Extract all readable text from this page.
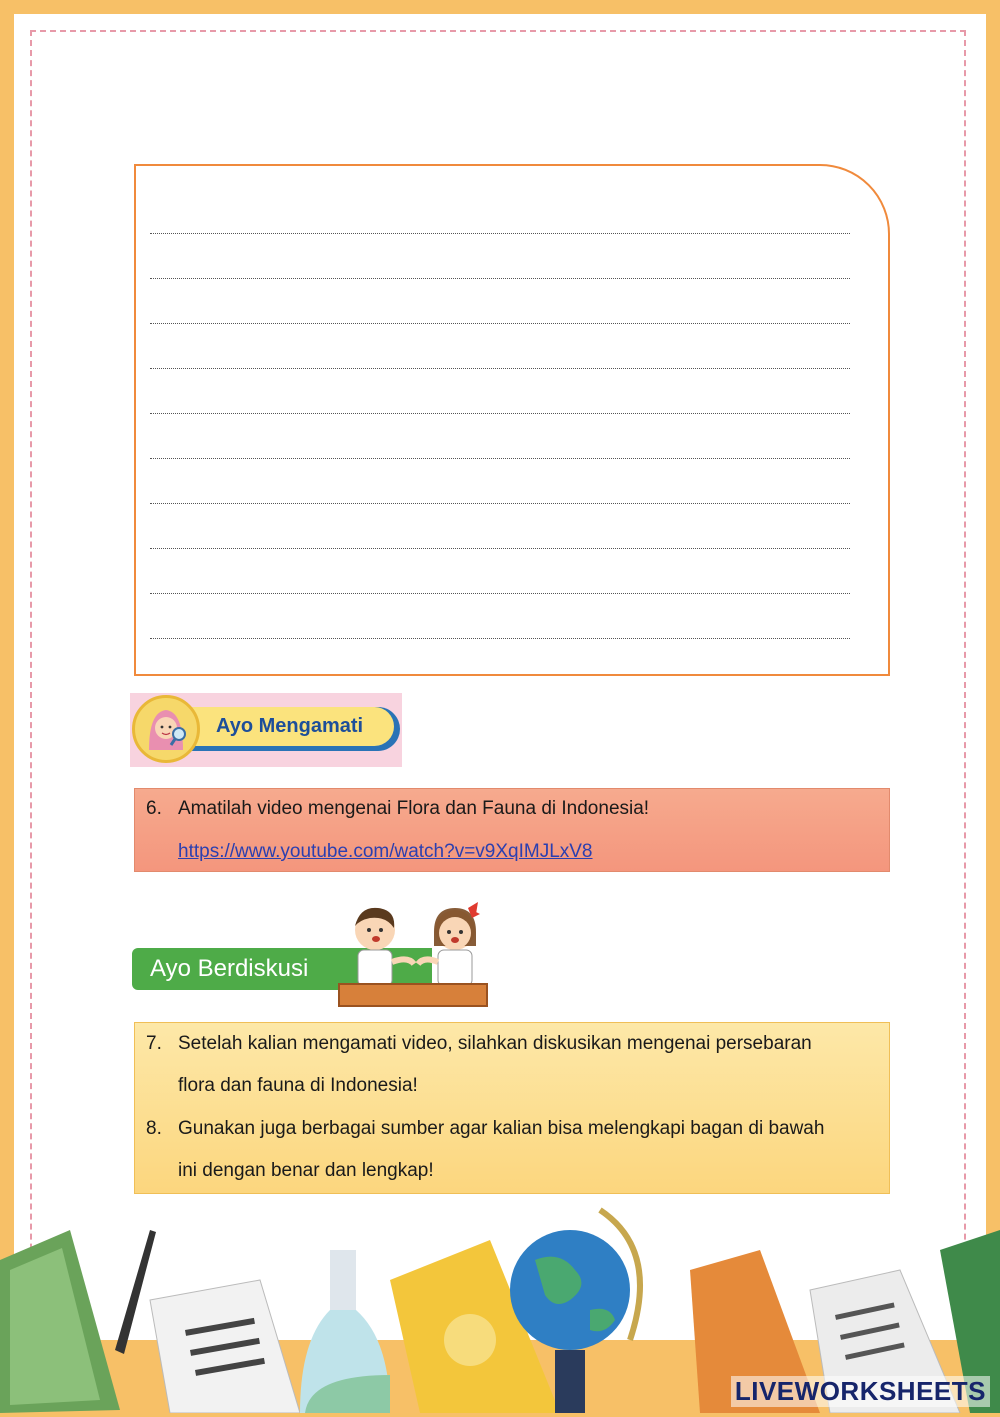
Ayo Mengamati
6. Amatilah video mengenai Flora dan Fauna di Indonesia!
https://www.youtube.com/watch?v=v9XqIMJLxV8
Ayo Berdiskusi
7. Setelah kalian mengamati video, silahkan diskusikan mengenai persebaran
flora dan fauna di Indonesia!
8. Gunakan juga berbagai sumber agar kalian bisa melengkapi bagan di bawah
ini dengan benar dan lengkap!
LIVEWORKSHEETS
